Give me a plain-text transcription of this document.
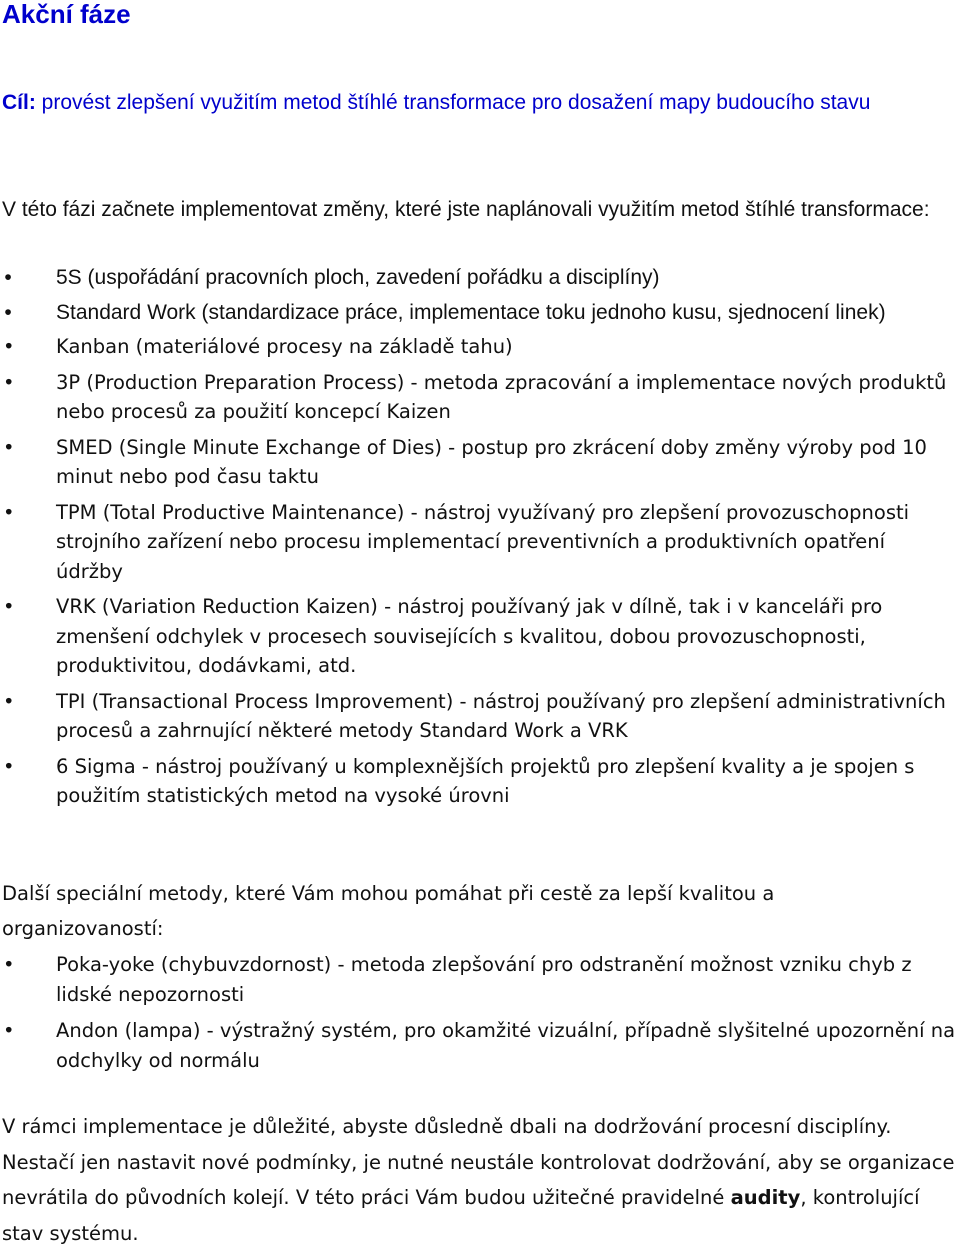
Akční fáze

Cíl: provést zlepšení využitím metod štíhlé transformace pro dosažení mapy budoucího stavu

V této fázi začnete implementovat změny, které jste naplánovali využitím metod štíhlé transformace:

• 5S (uspořádání pracovních ploch, zavedení pořádku a disciplíny)
• Standard Work (standardizace práce, implementace toku jednoho kusu, sjednocení linek)
• Kanban (materiálové procesy na základě tahu)
• 3P (Production Preparation Process) - metoda zpracování a implementace nových produktů nebo procesů za použití koncepcí Kaizen
• SMED (Single Minute Exchange of Dies) - postup pro zkrácení doby změny výroby pod 10 minut nebo pod času taktu
• TPM (Total Productive Maintenance) - nástroj využívaný pro zlepšení provozuschopnosti strojního zařízení nebo procesu implementací preventivních a produktivních opatření údržby
• VRK (Variation Reduction Kaizen) - nástroj používaný jak v dílně, tak i v kanceláři pro zmenšení odchylek v procesech souvisejících s kvalitou, dobou provozuschopnosti, produktivitou, dodávkami, atd.
• TPI (Transactional Process Improvement) - nástroj používaný pro zlepšení administrativních procesů a zahrnující některé metody Standard Work a VRK
• 6 Sigma - nástroj používaný u komplexnějších projektů pro zlepšení kvality a je spojen s použitím statistických metod na vysoké úrovni

Další speciální metody, které Vám mohou pomáhat při cestě za lepší kvalitou a organizovaností:

• Poka-yoke (chybuvzdornost) - metoda zlepšování pro odstranění možnost vzniku chyb z lidské nepozornosti
• Andon (lampa) - výstražný systém, pro okamžité vizuální, případně slyšitelné upozornění na odchylky od normálu

V rámci implementace je důležité, abyste důsledně dbali na dodržování procesní disciplíny. Nestačí jen nastavit nové podmínky, je nutné neustále kontrolovat dodržování, aby se organizace nevrátila do původních kolejí. V této práci Vám budou užitečné pravidelné audity, kontrolující stav systému.
